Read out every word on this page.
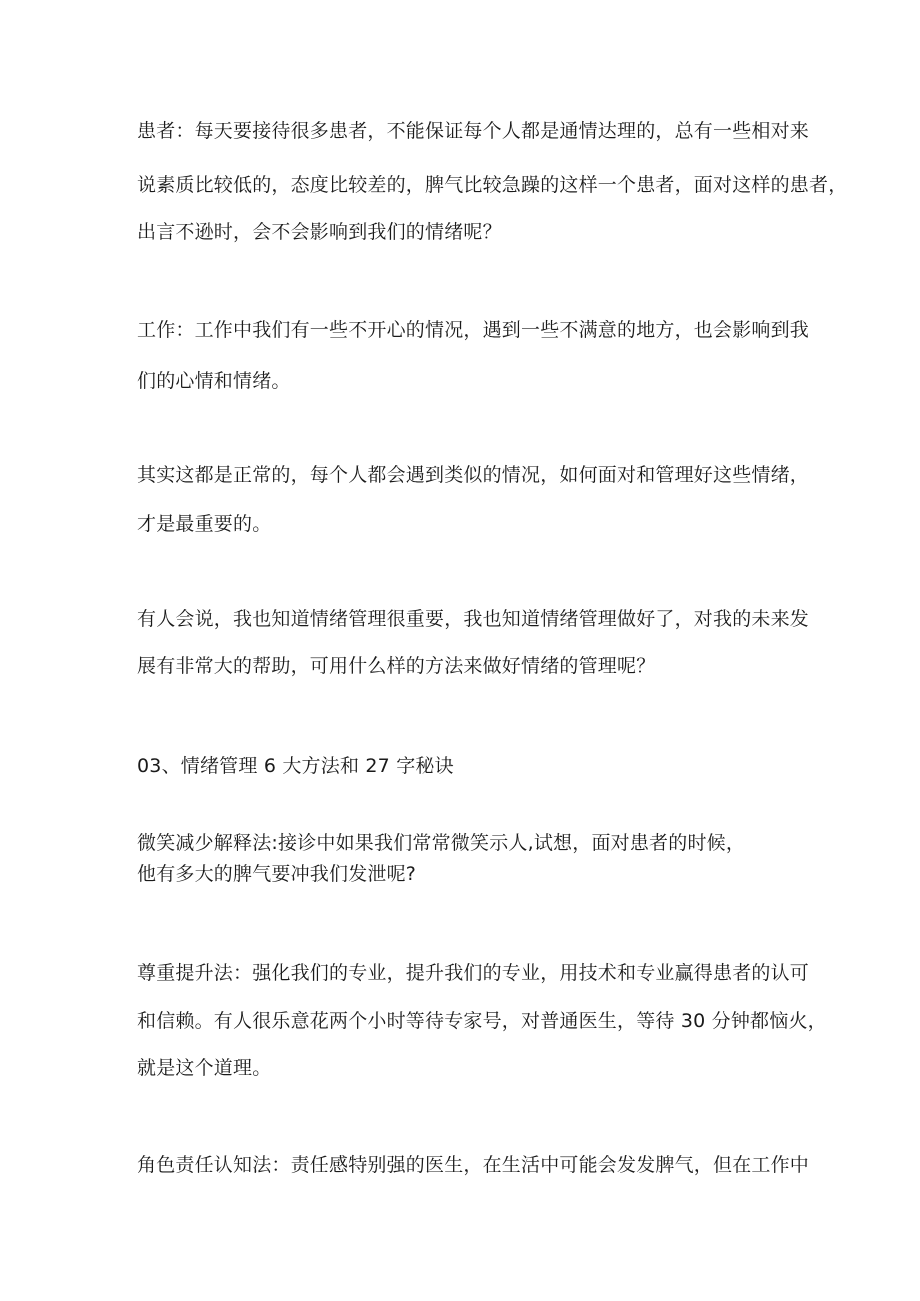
患者：每天要接待很多患者，不能保证每个人都是通情达理的，总有一些相对来
说素质比较低的，态度比较差的，脾气比较急躁的这样一个患者，面对这样的患者，
出言不逊时，会不会影响到我们的情绪呢？
工作：工作中我们有一些不开心的情况，遇到一些不满意的地方，也会影响到我
们的心情和情绪。
其实这都是正常的，每个人都会遇到类似的情况，如何面对和管理好这些情绪，
才是最重要的。
有人会说，我也知道情绪管理很重要，我也知道情绪管理做好了，对我的未来发
展有非常大的帮助，可用什么样的方法来做好情绪的管理呢？
03、情绪管理 6 大方法和 27 字秘诀
微笑减少解释法:接诊中如果我们常常微笑示人,试想，面对患者的时候，
他有多大的脾气要冲我们发泄呢?
尊重提升法：强化我们的专业，提升我们的专业，用技术和专业赢得患者的认可
和信赖。有人很乐意花两个小时等待专家号，对普通医生，等待 30 分钟都恼火，
就是这个道理。
角色责任认知法：责任感特别强的医生，在生活中可能会发发脾气，但在工作中
